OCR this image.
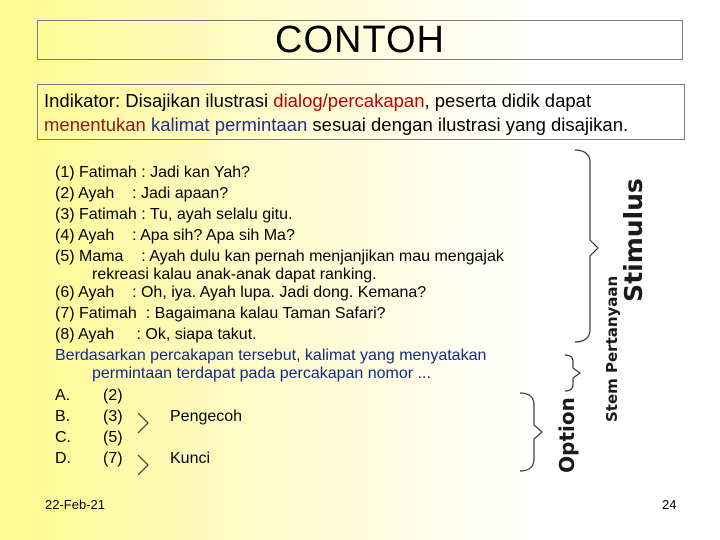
CONTOH
Indikator: Disajikan ilustrasi dialog/percakapan, peserta didik dapat
menentukan kalimat permintaan sesuai dengan ilustrasi yang disajikan.
(1) Fatimah : Jadi kan Yah?
(2) Ayah    : Jadi apaan?
(3) Fatimah : Tu, ayah selalu gitu.
(4) Ayah    : Apa sih? Apa sih Ma?
(5) Mama    : Ayah dulu kan pernah menjanjikan mau mengajak
rekreasi kalau anak-anak dapat ranking.
(6) Ayah    : Oh, iya. Ayah lupa. Jadi dong. Kemana?
(7) Fatimah  : Bagaimana kalau Taman Safari?
(8) Ayah     : Ok, siapa takut.
Berdasarkan percakapan tersebut, kalimat yang menyatakan
permintaan terdapat pada percakapan nomor ...
A. (2)
B. (3)
C. (5)
D. (7)
Pengecoh
Kunci
Stimulus
Stem Pertanyaan
Option
22-Feb-21	24
